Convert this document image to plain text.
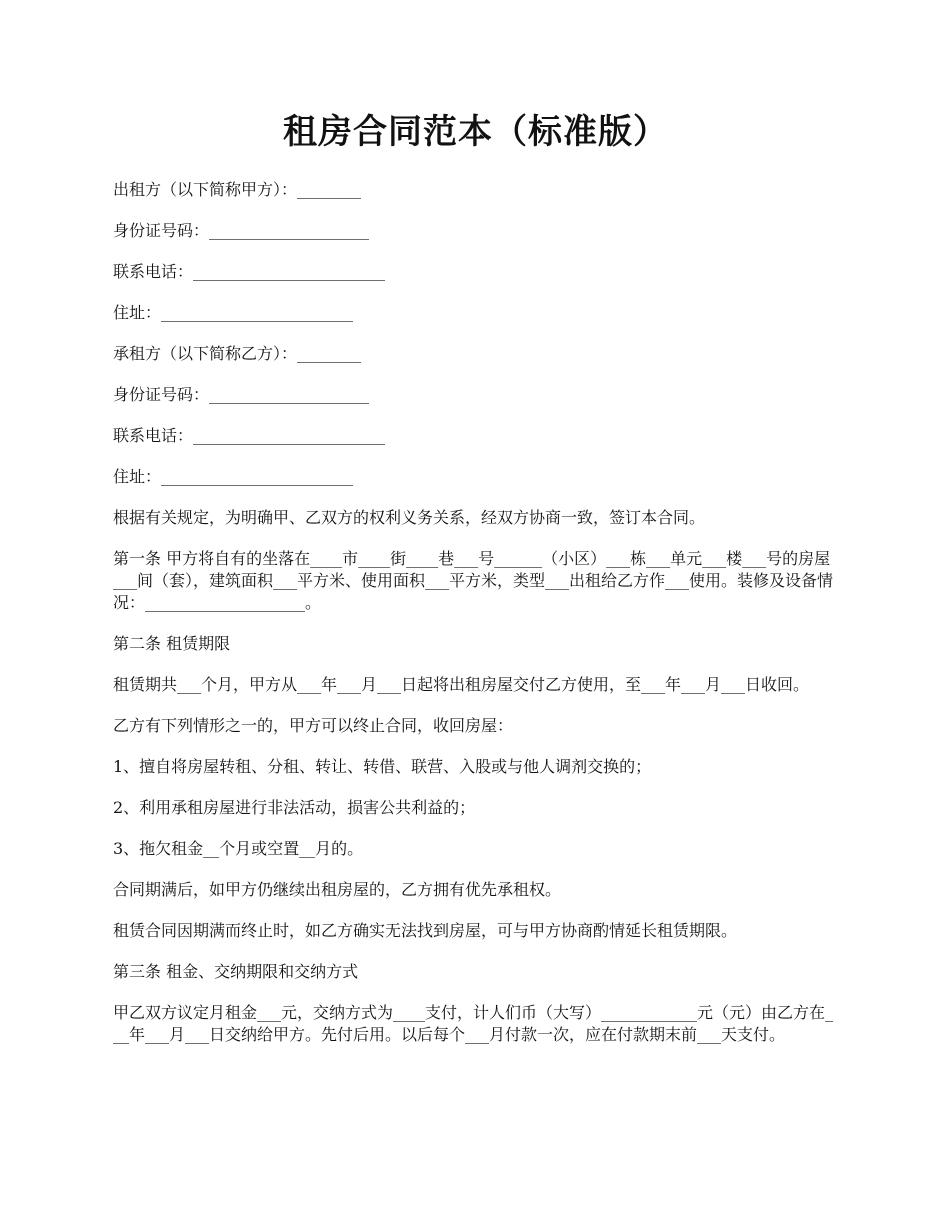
租房合同范本（标准版）

出租方（以下简称甲方）：________

身份证号码：____________________

联系电话：________________________

住址：________________________

承租方（以下简称乙方）：________

身份证号码：____________________

联系电话：________________________

住址：________________________

根据有关规定，为明确甲、乙双方的权利义务关系，经双方协商一致，签订本合同。

第一条 甲方将自有的坐落在____市____街____巷___号______（小区）___栋___单元___楼___号的房屋___间（套），建筑面积___平方米、使用面积___平方米，类型___出租给乙方作___使用。装修及设备情况：____________________。

第二条 租赁期限

租赁期共___个月，甲方从___年___月___日起将出租房屋交付乙方使用，至___年___月___日收回。

乙方有下列情形之一的，甲方可以终止合同，收回房屋：

1、擅自将房屋转租、分租、转让、转借、联营、入股或与他人调剂交换的；

2、利用承租房屋进行非法活动，损害公共利益的；

3、拖欠租金__个月或空置__月的。

合同期满后，如甲方仍继续出租房屋的，乙方拥有优先承租权。

租赁合同因期满而终止时，如乙方确实无法找到房屋，可与甲方协商酌情延长租赁期限。

第三条 租金、交纳期限和交纳方式

甲乙双方议定月租金___元，交纳方式为____支付，计人们币（大写）____________元（元）由乙方在___年___月___日交纳给甲方。先付后用。以后每个___月付款一次，应在付款期末前___天支付。
